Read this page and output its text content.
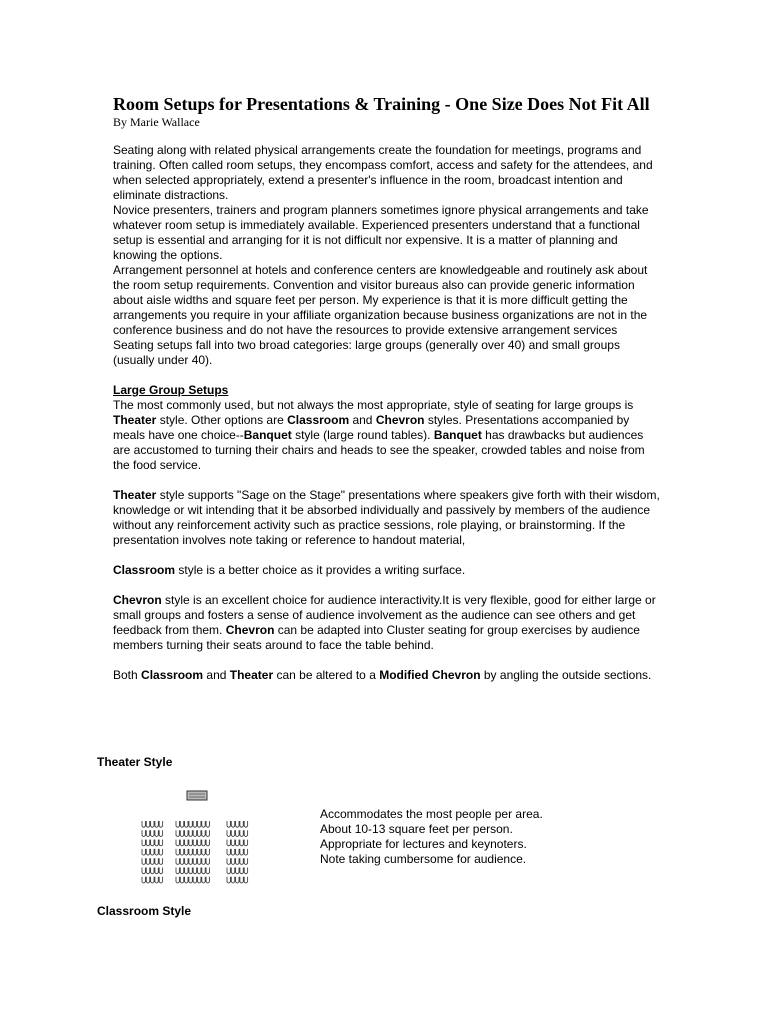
Room Setups for Presentations & Training - One Size Does Not Fit All
By Marie Wallace

Seating along with related physical arrangements create the foundation for meetings, programs and training. Often called room setups, they encompass comfort, access and safety for the attendees, and when selected appropriately, extend a presenter's influence in the room, broadcast intention and eliminate distractions.

Novice presenters, trainers and program planners sometimes ignore physical arrangements and take whatever room setup is immediately available. Experienced presenters understand that a functional setup is essential and arranging for it is not difficult nor expensive. It is a matter of planning and knowing the options.

Arrangement personnel at hotels and conference centers are knowledgeable and routinely ask about the room setup requirements. Convention and visitor bureaus also can provide generic information about aisle widths and square feet per person. My experience is that it is more difficult getting the arrangements you require in your affiliate organization because business organizations are not in the conference business and do not have the resources to provide extensive arrangement services

Seating setups fall into two broad categories: large groups (generally over 40) and small groups (usually under 40).

Large Group Setups
The most commonly used, but not always the most appropriate, style of seating for large groups is Theater style. Other options are Classroom and Chevron styles. Presentations accompanied by meals have one choice--Banquet style (large round tables). Banquet has drawbacks but audiences are accustomed to turning their chairs and heads to see the speaker, crowded tables and noise from the food service.

Theater style supports "Sage on the Stage" presentations where speakers give forth with their wisdom, knowledge or wit intending that it be absorbed individually and passively by members of the audience without any reinforcement activity such as practice sessions, role playing, or brainstorming. If the presentation involves note taking or reference to handout material,

Classroom style is a better choice as it provides a writing surface.

Chevron style is an excellent choice for audience interactivity.It is very flexible, good for either large or small groups and fosters a sense of audience involvement as the audience can see others and get feedback from them. Chevron can be adapted into Cluster seating for group exercises by audience members turning their seats around to face the table behind.

Both Classroom and Theater can be altered to a Modified Chevron by angling the outside sections.

Theater Style
Accommodates the most people per area.
About 10-13 square feet per person.
Appropriate for lectures and keynoters.
Note taking cumbersome for audience.
Classroom Style
